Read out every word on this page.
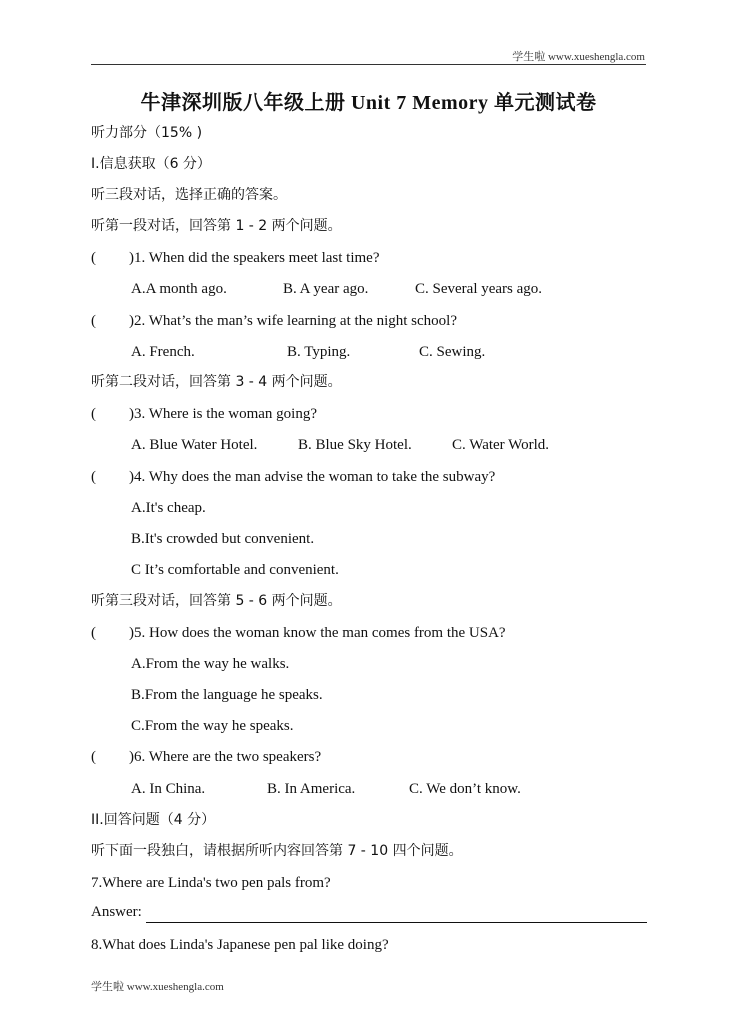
学生啦 www.xueshengla.com
牛津深圳版八年级上册 Unit 7 Memory 单元测试卷
听力部分（15% )
Ⅰ.信息获取（6 分）
听三段对话，选择正确的答案。
听第一段对话，回答第 1 - 2 两个问题。
( )1. When did the speakers meet last time?
A.A month ago.	B. A year ago.	C. Several years ago.
( )2. What’s the man’s wife learning at the night school?
A. French.	B. Typing.	C. Sewing.
听第二段对话，回答第 3 - 4 两个问题。
( )3. Where is the woman going?
A. Blue Water Hotel.	B. Blue Sky Hotel.	C. Water World.
( )4. Why does the man advise the woman to take the subway?
A.It's cheap.
B.It's crowded but convenient.
C It’s comfortable and convenient.
听第三段对话，回答第 5 - 6 两个问题。
( )5. How does the woman know the man comes from the USA?
A.From the way he walks.
B.From the language he speaks.
C.From the way he speaks.
( )6. Where are the two speakers?
A. In China.	B. In America.	C. We don’t know.
II.回答问题（4 分）
听下面一段独白，请根据所听内容回答第 7 - 10 四个问题。
7.Where are Linda's two pen pals from?
Answer:
8.What does Linda's Japanese pen pal like doing?
学生啦 www.xueshengla.com
